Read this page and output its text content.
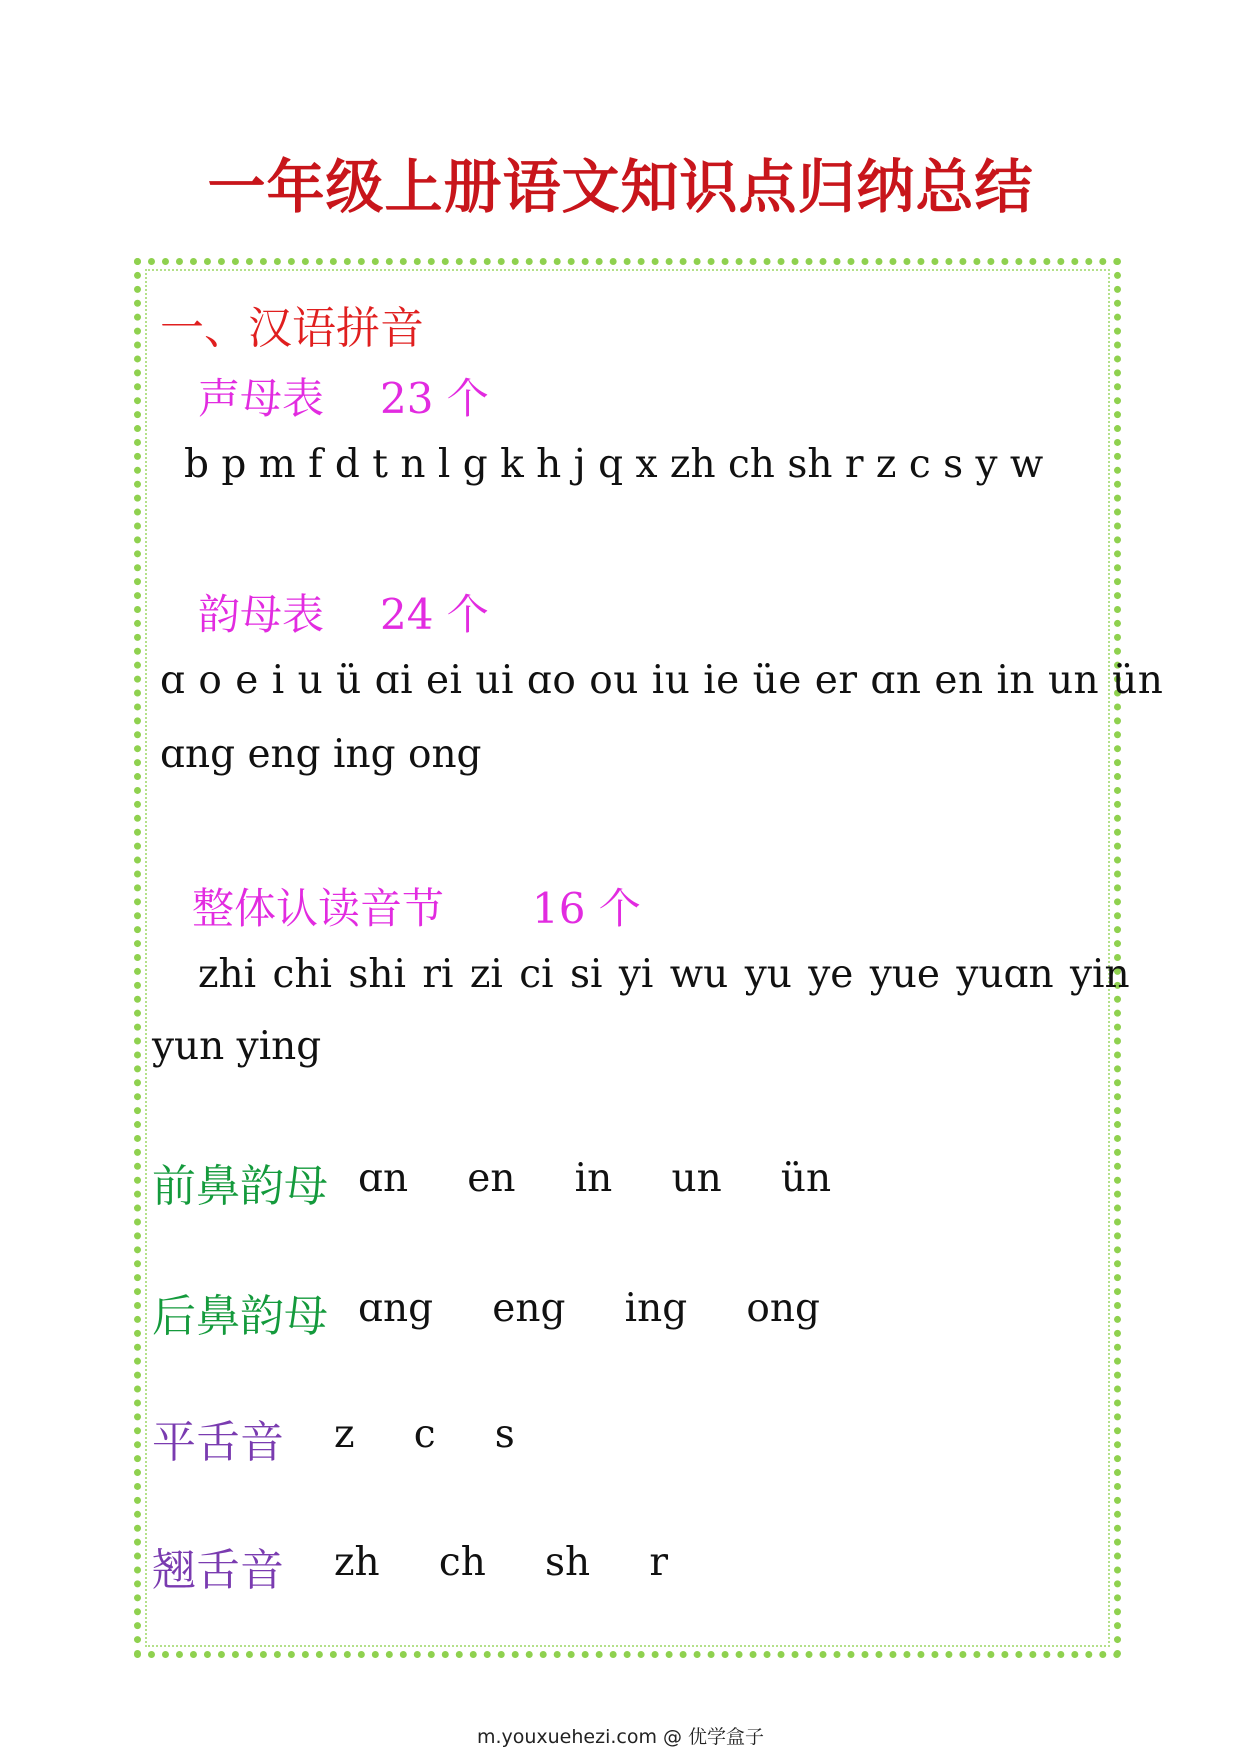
一年级上册语文知识点归纳总结
一、汉语拼音
声母表 23 个
b p m f d t n l g k h j q x zh ch sh r z c s y w
韵母表 24 个
ɑ o e i u ü ɑi ei ui ɑo ou iu ie üe er ɑn en in un ün
ɑng eng ing ong
整体认读音节 16 个
zhi chi shi ri zi ci si yi wu yu ye yue yuɑn yin
yun ying
前鼻韵母 ɑn en in un ün
后鼻韵母 ɑng eng ing ong
平舌音 z c s
翘舌音 zh ch sh r
m.youxuehezi.com @ 优学盒子
